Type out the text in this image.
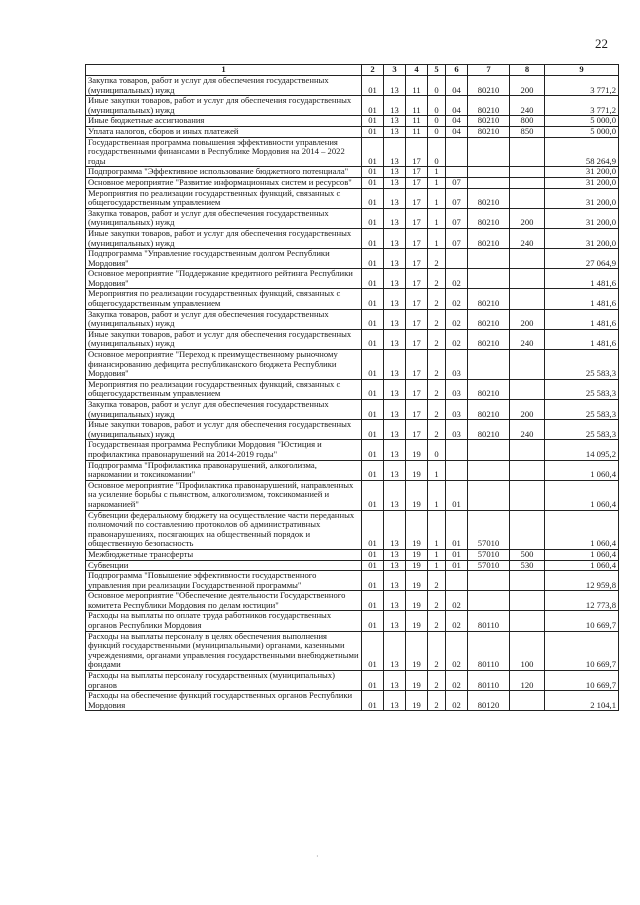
22
1	2	3	4	5	6	7	8	9
Закупка товаров, работ и услуг для обеспечения государственных (муниципальных) нужд	01	13	11	0	04	80210	200	3 771,2
Иные закупки товаров, работ и услуг для обеспечения государственных (муниципальных) нужд	01	13	11	0	04	80210	240	3 771,2
Иные бюджетные ассигнования	01	13	11	0	04	80210	800	5 000,0
Уплата налогов, сборов и иных платежей	01	13	11	0	04	80210	850	5 000,0
Государственная программа повышения эффективности управления государственными финансами в Республике Мордовия на 2014 – 2022 годы	01	13	17	0				58 264,9
Подпрограмма "Эффективное использование бюджетного потенциала"	01	13	17	1				31 200,0
Основное мероприятие "Развитие информационных систем и ресурсов"	01	13	17	1	07			31 200,0
Мероприятия по реализации государственных функций, связанных с общегосударственным управлением	01	13	17	1	07	80210		31 200,0
Закупка товаров, работ и услуг для обеспечения государственных (муниципальных) нужд	01	13	17	1	07	80210	200	31 200,0
Иные закупки товаров, работ и услуг для обеспечения государственных (муниципальных) нужд	01	13	17	1	07	80210	240	31 200,0
Подпрограмма "Управление государственным долгом Республики Мордовия"	01	13	17	2				27 064,9
Основное мероприятие "Поддержание кредитного рейтинга Республики Мордовия"	01	13	17	2	02			1 481,6
Мероприятия по реализации государственных функций, связанных с общегосударственным управлением	01	13	17	2	02	80210		1 481,6
Закупка товаров, работ и услуг для обеспечения государственных (муниципальных) нужд	01	13	17	2	02	80210	200	1 481,6
Иные закупки товаров, работ и услуг для обеспечения государственных (муниципальных) нужд	01	13	17	2	02	80210	240	1 481,6
Основное мероприятие "Переход к преимущественному рыночному финансированию дефицита республиканского бюджета Республики Мордовия"	01	13	17	2	03			25 583,3
Мероприятия по реализации государственных функций, связанных с общегосударственным управлением	01	13	17	2	03	80210		25 583,3
Закупка товаров, работ и услуг для обеспечения государственных (муниципальных) нужд	01	13	17	2	03	80210	200	25 583,3
Иные закупки товаров, работ и услуг для обеспечения государственных (муниципальных) нужд	01	13	17	2	03	80210	240	25 583,3
Государственная программа Республики Мордовия "Юстиция и профилактика правонарушений на 2014-2019 годы"	01	13	19	0				14 095,2
Подпрограмма "Профилактика правонарушений, алкоголизма, наркомании и токсикомании"	01	13	19	1				1 060,4
Основное мероприятие "Профилактика правонарушений, направленных на усиление борьбы с пьянством, алкоголизмом, токсикоманией и наркоманией"	01	13	19	1	01			1 060,4
Субвенции федеральному бюджету на осуществление части переданных полномочий по составлению протоколов об административных правонарушениях, посягающих на общественный порядок и общественную безопасность	01	13	19	1	01	57010		1 060,4
Межбюджетные трансферты	01	13	19	1	01	57010	500	1 060,4
Субвенции	01	13	19	1	01	57010	530	1 060,4
Подпрограмма "Повышение эффективности государственного управления при реализации Государственной программы"	01	13	19	2				12 959,8
Основное мероприятие "Обеспечение деятельности Государственного комитета Республики Мордовия по делам юстиции"	01	13	19	2	02			12 773,8
Расходы на выплаты по оплате труда работников государственных органов Республики Мордовия	01	13	19	2	02	80110		10 669,7
Расходы на выплаты персоналу в целях обеспечения выполнения функций государственными (муниципальными) органами, казенными учреждениями, органами управления государственными внебюджетными фондами	01	13	19	2	02	80110	100	10 669,7
Расходы на выплаты персоналу государственных (муниципальных) органов	01	13	19	2	02	80110	120	10 669,7
Расходы на обеспечение функций государственных органов Республики Мордовия	01	13	19	2	02	80120		2 104,1
·
